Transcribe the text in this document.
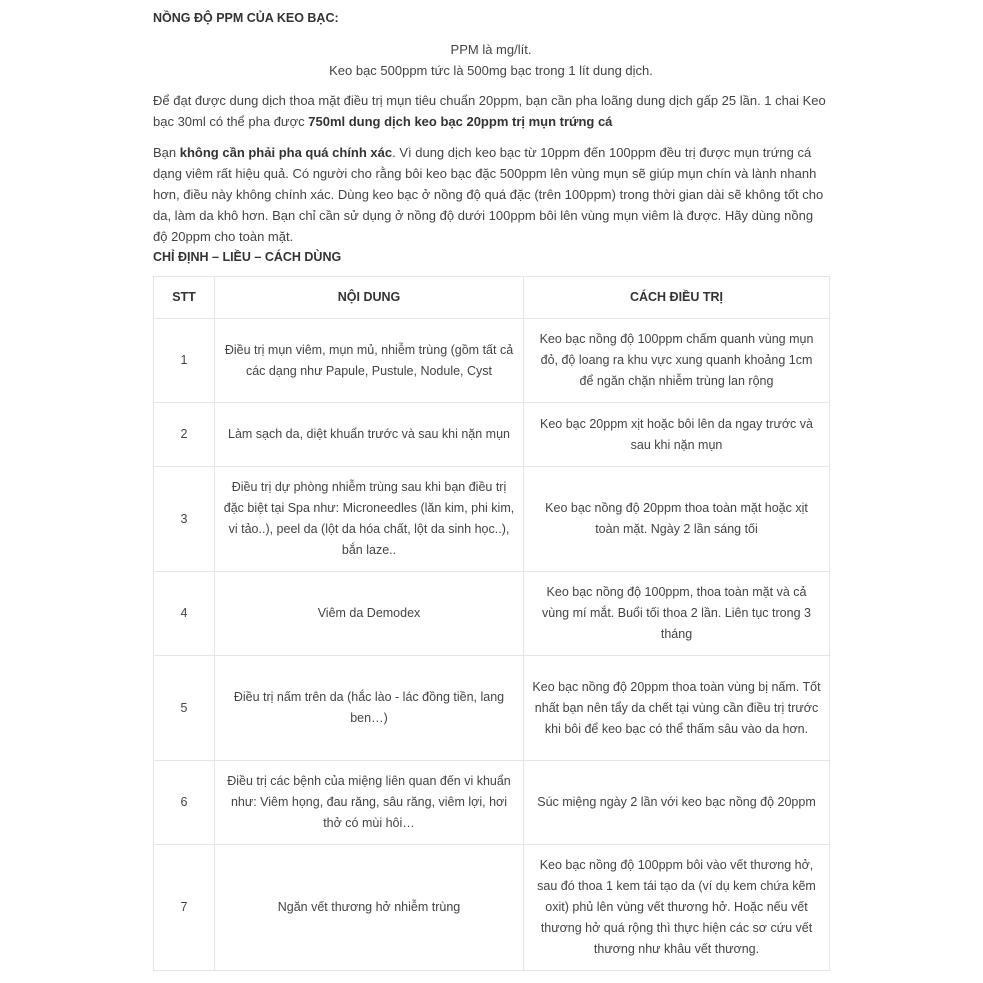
NỒNG ĐỘ PPM CỦA KEO BẠC:
PPM là mg/lít.
Keo bạc 500ppm tức là 500mg bạc trong 1 lít dung dịch.

Để đạt được dung dịch thoa mặt điều trị mụn tiêu chuẩn 20ppm, bạn cần pha loãng dung dịch gấp 25 lần. 1 chai Keo bạc 30ml có thể pha được 750ml dung dịch keo bạc 20ppm trị mụn trứng cá

Bạn không cần phải pha quá chính xác. Vì dung dịch keo bạc từ 10ppm đến 100ppm đều trị được mụn trứng cá dạng viêm rất hiệu quả. Có người cho rằng bôi keo bạc đặc 500ppm lên vùng mụn sẽ giúp mụn chín và lành nhanh hơn, điều này không chính xác. Dùng keo bạc ở nồng độ quá đặc (trên 100ppm) trong thời gian dài sẽ không tốt cho da, làm da khô hơn. Bạn chỉ cần sử dụng ở nồng độ dưới 100ppm bôi lên vùng mụn viêm là được. Hãy dùng nồng độ 20ppm cho toàn mặt.

CHỈ ĐỊNH – LIỀU – CÁCH DÙNG
STT	NỘI DUNG	CÁCH ĐIỀU TRỊ
1	Điều trị mụn viêm, mụn mủ, nhiễm trùng (gồm tất cả các dạng như Papule, Pustule, Nodule, Cyst	Keo bạc nồng độ 100ppm chấm quanh vùng mụn đỏ, độ loang ra khu vực xung quanh khoảng 1cm để ngăn chặn nhiễm trùng lan rộng
2	Làm sạch da, diệt khuẩn trước và sau khi nặn mụn	Keo bạc 20ppm xịt hoặc bôi lên da ngay trước và sau khi nặn mụn
3	Điều trị dự phòng nhiễm trùng sau khi bạn điều trị đặc biệt tại Spa như: Microneedles (lăn kim, phi kim, vi tảo..), peel da (lột da hóa chất, lột da sinh học..), bắn laze..	Keo bạc nồng độ 20ppm thoa toàn mặt hoặc xịt toàn mặt. Ngày 2 lần sáng tối
4	Viêm da Demodex	Keo bạc nồng độ 100ppm, thoa toàn mặt và cả vùng mí mắt. Buổi tối thoa 2 lần. Liên tục trong 3 tháng
5	Điều trị nấm trên da (hắc lào - lác đồng tiền, lang ben…)	Keo bạc nồng độ 20ppm thoa toàn vùng bị nấm. Tốt nhất bạn nên tẩy da chết tại vùng cần điều trị trước khi bôi để keo bạc có thể thấm sâu vào da hơn.
6	Điều trị các bệnh của miệng liên quan đến vi khuẩn như: Viêm họng, đau răng, sâu răng, viêm lợi, hơi thở có mùi hôi…	Súc miệng ngày 2 lần với keo bạc nồng độ 20ppm
7	Ngăn vết thương hở nhiễm trùng	Keo bạc nồng độ 100ppm bôi vào vết thương hở, sau đó thoa 1 kem tái tạo da (ví dụ kem chứa kẽm oxit) phủ lên vùng vết thương hở. Hoặc nếu vết thương hở quá rộng thì thực hiện các sơ cứu vết thương như khâu vết thương.
